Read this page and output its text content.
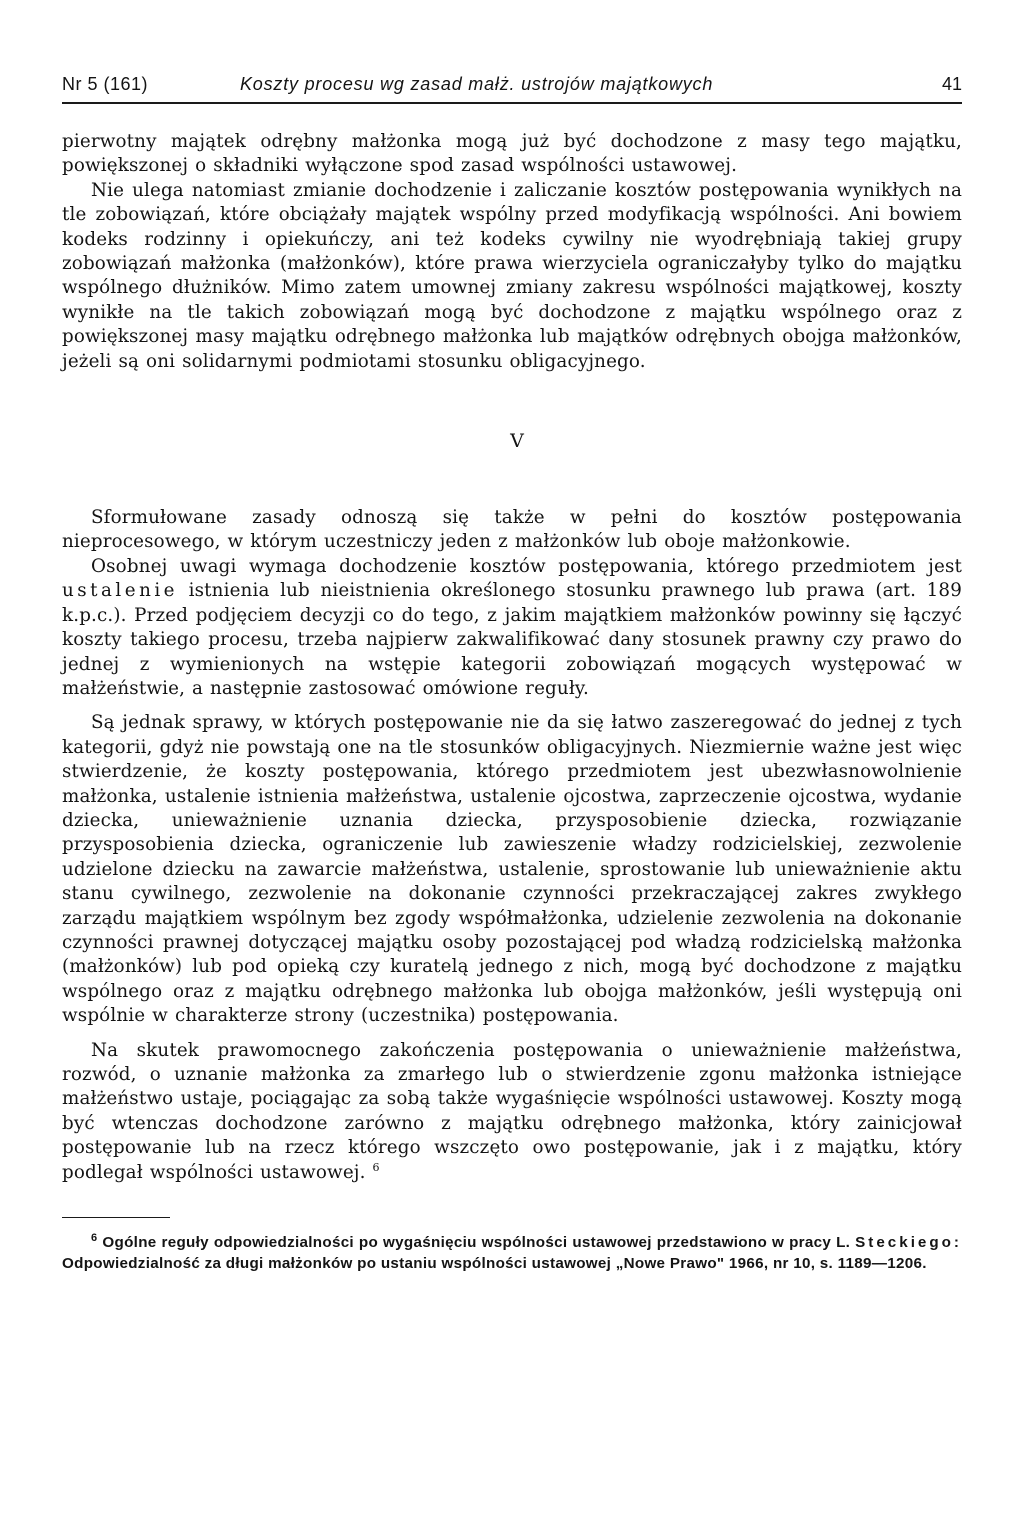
Nr 5 (161)	Koszty procesu wg zasad małż. ustrojów majątkowych	41

pierwotny majątek odrębny małżonka mogą już być dochodzone z masy tego majątku, powiększonej o składniki wyłączone spod zasad wspólności ustawowej.

Nie ulega natomiast zmianie dochodzenie i zaliczanie kosztów postępowania wynikłych na tle zobowiązań, które obciążały majątek wspólny przed modyfikacją wspólności. Ani bowiem kodeks rodzinny i opiekuńczy, ani też kodeks cywilny nie wyodrębniają takiej grupy zobowiązań małżonka (małżonków), które prawa wierzyciela ograniczałyby tylko do majątku wspólnego dłużników. Mimo zatem umownej zmiany zakresu wspólności majątkowej, koszty wynikłe na tle takich zobowiązań mogą być dochodzone z majątku wspólnego oraz z powiększonej masy majątku odrębnego małżonka lub majątków odrębnych obojga małżonków, jeżeli są oni solidarnymi podmiotami stosunku obligacyjnego.

V

Sformułowane zasady odnoszą się także w pełni do kosztów postępowania nieprocesowego, w którym uczestniczy jeden z małżonków lub oboje małżonkowie.

Osobnej uwagi wymaga dochodzenie kosztów postępowania, którego przedmiotem jest ustalenie istnienia lub nieistnienia określonego stosunku prawnego lub prawa (art. 189 k.p.c.). Przed podjęciem decyzji co do tego, z jakim majątkiem małżonków powinny się łączyć koszty takiego procesu, trzeba najpierw zakwalifikować dany stosunek prawny czy prawo do jednej z wymienionych na wstępie kategorii zobowiązań mogących występować w małżeństwie, a następnie zastosować omówione reguły.

Są jednak sprawy, w których postępowanie nie da się łatwo zaszeregować do jednej z tych kategorii, gdyż nie powstają one na tle stosunków obligacyjnych. Niezmiernie ważne jest więc stwierdzenie, że koszty postępowania, którego przedmiotem jest ubezwłasnowolnienie małżonka, ustalenie istnienia małżeństwa, ustalenie ojcostwa, zaprzeczenie ojcostwa, wydanie dziecka, unieważnienie uznania dziecka, przysposobienie dziecka, rozwiązanie przysposobienia dziecka, ograniczenie lub zawieszenie władzy rodzicielskiej, zezwolenie udzielone dziecku na zawarcie małżeństwa, ustalenie, sprostowanie lub unieważnienie aktu stanu cywilnego, zezwolenie na dokonanie czynności przekraczającej zakres zwykłego zarządu majątkiem wspólnym bez zgody współmałżonka, udzielenie zezwolenia na dokonanie czynności prawnej dotyczącej majątku osoby pozostającej pod władzą rodzicielską małżonka (małżonków) lub pod opieką czy kuratelą jednego z nich, mogą być dochodzone z majątku wspólnego oraz z majątku odrębnego małżonka lub obojga małżonków, jeśli występują oni wspólnie w charakterze strony (uczestnika) postępowania.

Na skutek prawomocnego zakończenia postępowania o unieważnienie małżeństwa, rozwód, o uznanie małżonka za zmarłego lub o stwierdzenie zgonu małżonka istniejące małżeństwo ustaje, pociągając za sobą także wygaśnięcie wspólności ustawowej. Koszty mogą być wtenczas dochodzone zarówno z majątku odrębnego małżonka, który zainicjował postępowanie lub na rzecz którego wszczęto owo postępowanie, jak i z majątku, który podlegał wspólności ustawowej. $^6$

$^6$ Ogólne reguły odpowiedzialności po wygaśnięciu wspólności ustawowej przedstawiono w pracy L. Steckiego: Odpowiedzialność za długi małżonków po ustaniu wspólności ustawowej „Nowe Prawo" 1966, nr 10, s. 1189—1206.
